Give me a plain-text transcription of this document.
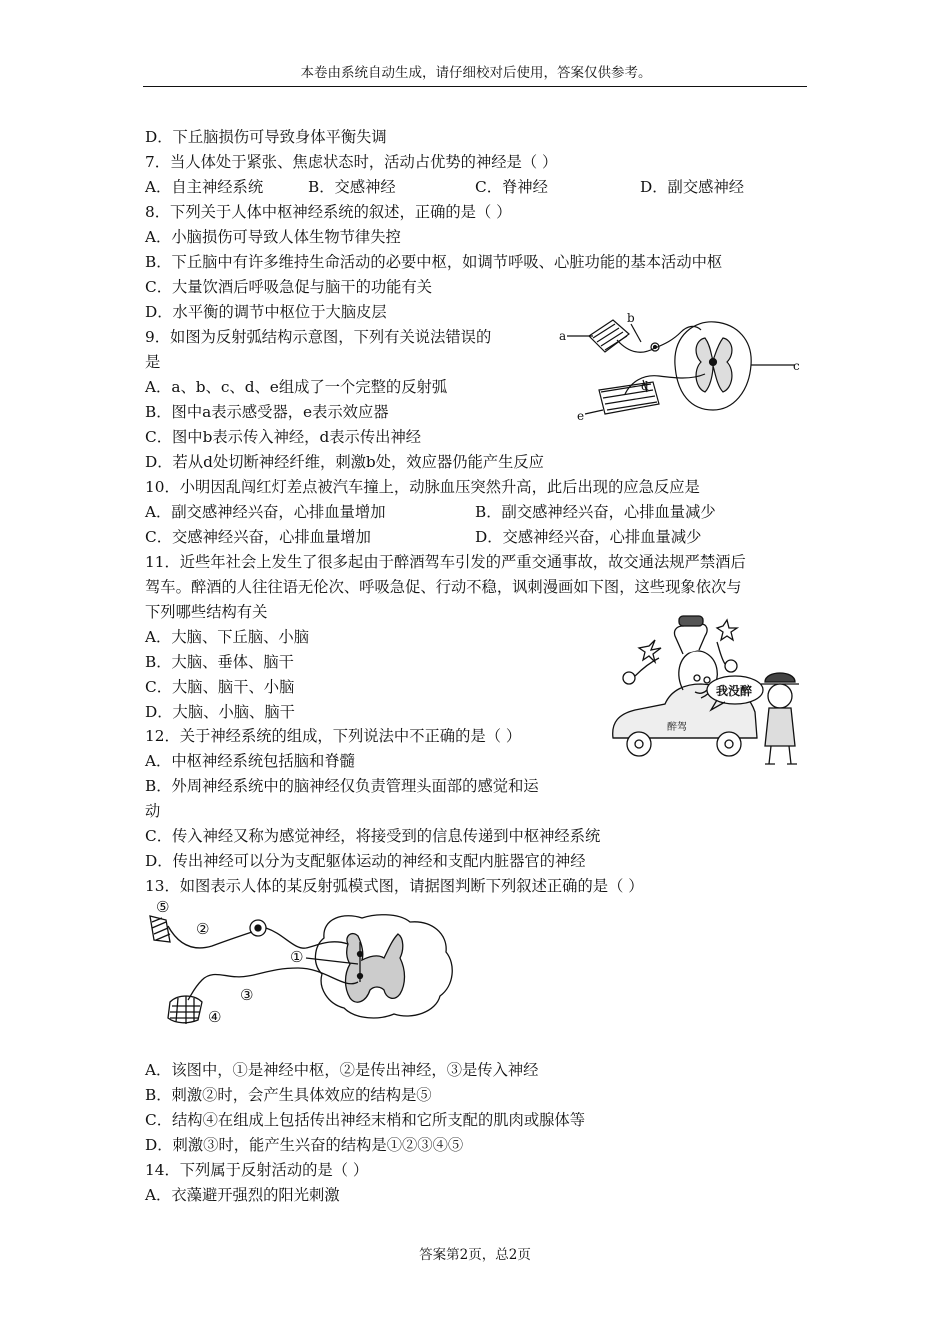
本卷由系统自动生成，请仔细校对后使用，答案仅供参考。
D．下丘脑损伤可导致身体平衡失调
7．当人体处于紧张、焦虑状态时，活动占优势的神经是（ ）
A．自主神经系统	B．交感神经	C．脊神经	D．副交感神经
8．下列关于人体中枢神经系统的叙述，正确的是（ ）
A．小脑损伤可导致人体生物节律失控
B．下丘脑中有许多维持生命活动的必要中枢，如调节呼吸、心脏功能的基本活动中枢
C．大量饮酒后呼吸急促与脑干的功能有关
D．水平衡的调节中枢位于大脑皮层
9．如图为反射弧结构示意图，下列有关说法错误的
是
A．a、b、c、d、e组成了一个完整的反射弧
B．图中a表示感受器，e表示效应器
C．图中b表示传入神经，d表示传出神经
D．若从d处切断神经纤维，刺激b处，效应器仍能产生反应
10．小明因乱闯红灯差点被汽车撞上，动脉血压突然升高，此后出现的应急反应是
A．副交感神经兴奋，心排血量增加	B．副交感神经兴奋，心排血量减少
C．交感神经兴奋，心排血量增加	D．交感神经兴奋，心排血量减少
11．近些年社会上发生了很多起由于醉酒驾车引发的严重交通事故，故交通法规严禁酒后
驾车。醉酒的人往往语无伦次、呼吸急促、行动不稳，讽刺漫画如下图，这些现象依次与
下列哪些结构有关
A．大脑、下丘脑、小脑
B．大脑、垂体、脑干
C．大脑、脑干、小脑
D．大脑、小脑、脑干
12．关于神经系统的组成，下列说法中不正确的是（ ）
A．中枢神经系统包括脑和脊髓
B．外周神经系统中的脑神经仅负责管理头面部的感觉和运
动
C．传入神经又称为感觉神经，将接受到的信息传递到中枢神经系统
D．传出神经可以分为支配躯体运动的神经和支配内脏器官的神经
13．如图表示人体的某反射弧模式图，请据图判断下列叙述正确的是（ ）
A．该图中，①是神经中枢，②是传出神经，③是传入神经
B．刺激②时，会产生具体效应的结构是⑤
C．结构④在组成上包括传出神经末梢和它所支配的肌肉或腺体等
D．刺激③时，能产生兴奋的结构是①②③④⑤
14．下列属于反射活动的是（ ）
A．衣藻避开强烈的阳光刺激
答案第2页，总2页
a
b
c
d
e
我没醉
醉驾
⑤
②
①
③
④
